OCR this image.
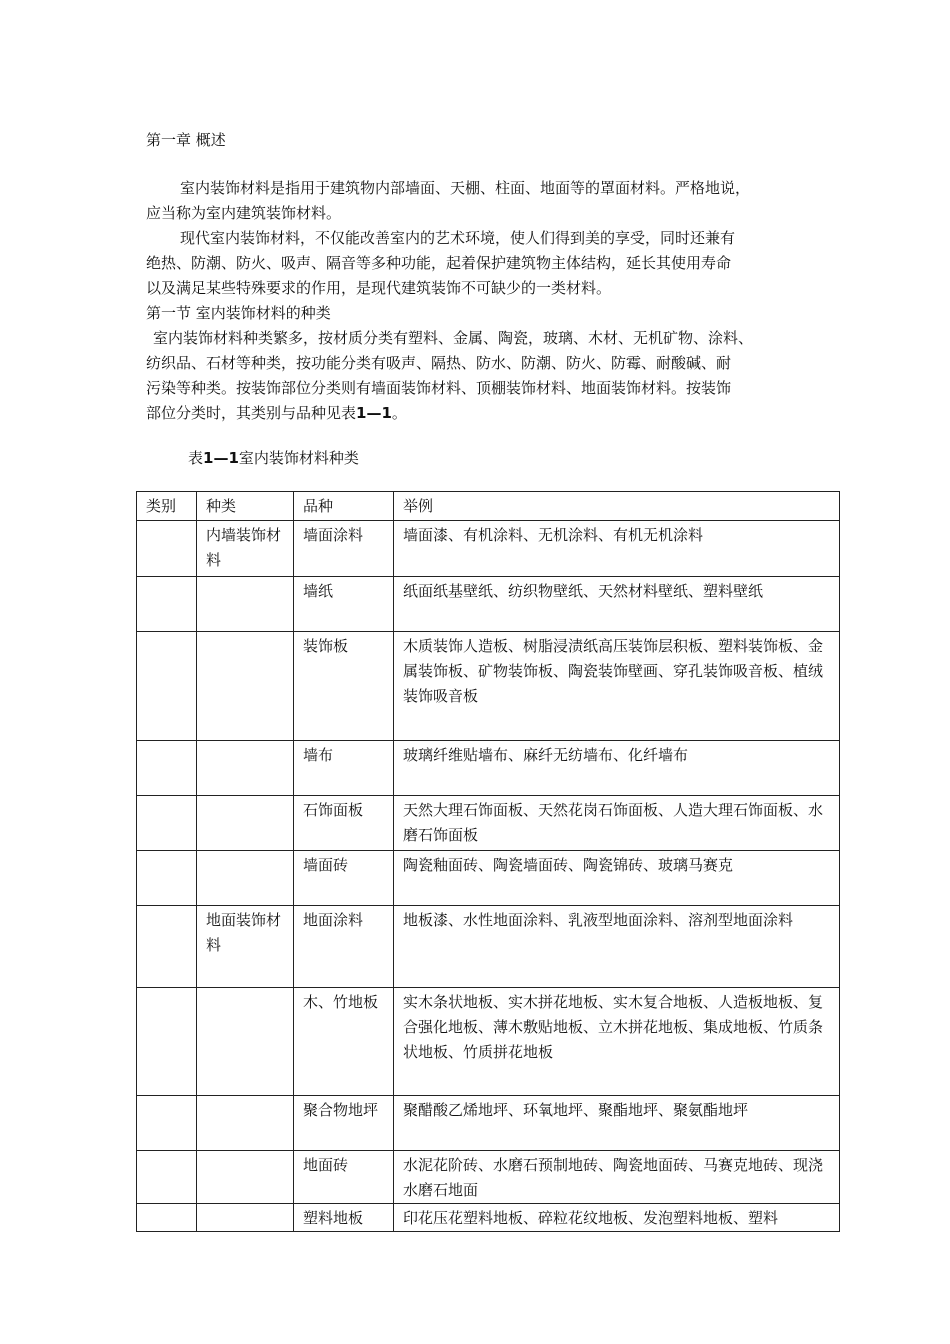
第一章 概述
室内装饰材料是指用于建筑物内部墙面、天棚、柱面、地面等的罩面材料。严格地说，
应当称为室内建筑装饰材料。
现代室内装饰材料，不仅能改善室内的艺术环境，使人们得到美的享受，同时还兼有
绝热、防潮、防火、吸声、隔音等多种功能，起着保护建筑物主体结构，延长其使用寿命
以及满足某些特殊要求的作用，是现代建筑装饰不可缺少的一类材料。
第一节 室内装饰材料的种类
室内装饰材料种类繁多，按材质分类有塑料、金属、陶瓷，玻璃、木材、无机矿物、涂料、
纺织品、石材等种类，按功能分类有吸声、隔热、防水、防潮、防火、防霉、耐酸碱、耐
污染等种类。按装饰部位分类则有墙面装饰材料、顶棚装饰材料、地面装饰材料。按装饰
部位分类时，其类别与品种见表1—1。
表1—1室内装饰材料种类
类别	种类	品种	举例
	内墙装饰材料	墙面涂料	墙面漆、有机涂料、无机涂料、有机无机涂料
		墙纸	纸面纸基壁纸、纺织物壁纸、天然材料壁纸、塑料壁纸
		装饰板	木质装饰人造板、树脂浸渍纸高压装饰层积板、塑料装饰板、金属装饰板、矿物装饰板、陶瓷装饰壁画、穿孔装饰吸音板、植绒装饰吸音板
		墙布	玻璃纤维贴墙布、麻纤无纺墙布、化纤墙布
		石饰面板	天然大理石饰面板、天然花岗石饰面板、人造大理石饰面板、水磨石饰面板
		墙面砖	陶瓷釉面砖、陶瓷墙面砖、陶瓷锦砖、玻璃马赛克
	地面装饰材料	地面涂料	地板漆、水性地面涂料、乳液型地面涂料、溶剂型地面涂料
		木、竹地板	实木条状地板、实木拼花地板、实木复合地板、人造板地板、复合强化地板、薄木敷贴地板、立木拼花地板、集成地板、竹质条状地板、竹质拼花地板
		聚合物地坪	聚醋酸乙烯地坪、环氧地坪、聚酯地坪、聚氨酯地坪
		地面砖	水泥花阶砖、水磨石预制地砖、陶瓷地面砖、马赛克地砖、现浇水磨石地面
		塑料地板	印花压花塑料地板、碎粒花纹地板、发泡塑料地板、塑料
